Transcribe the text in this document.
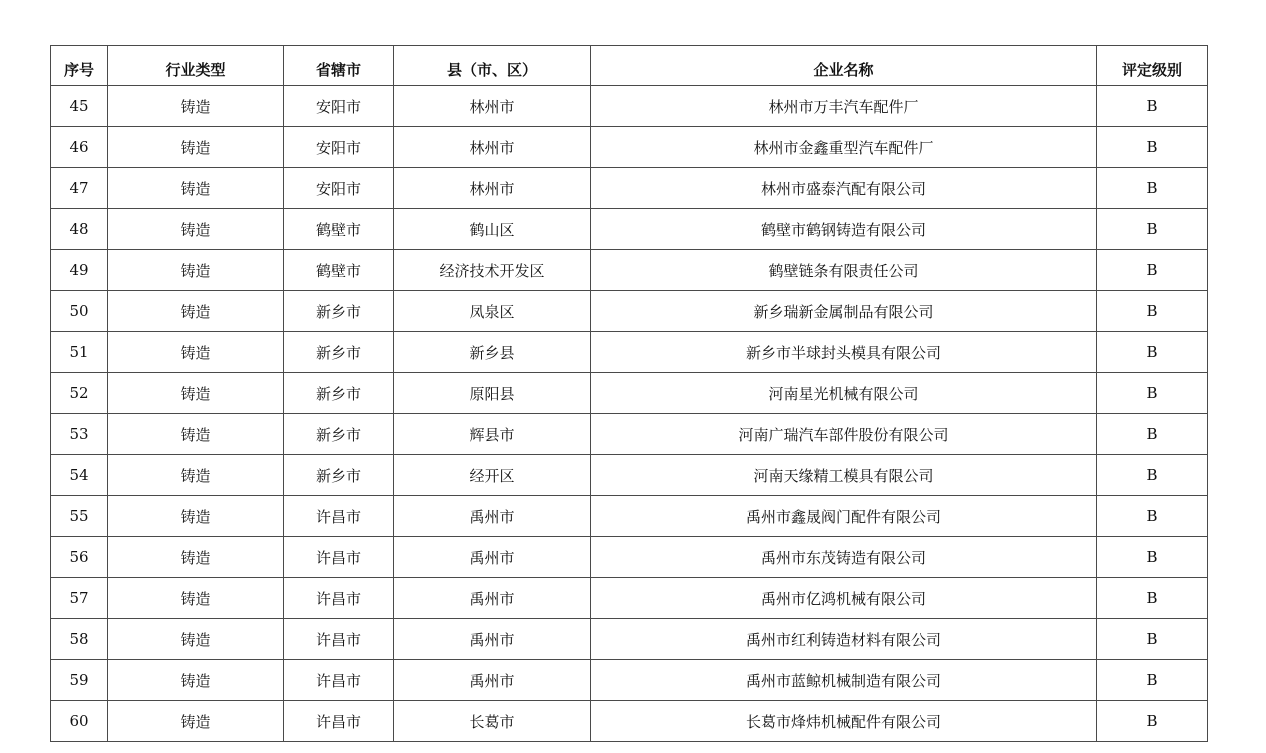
序号	行业类型	省辖市	县（市、区）	企业名称	评定级别
45	铸造	安阳市	林州市	林州市万丰汽车配件厂	B
46	铸造	安阳市	林州市	林州市金鑫重型汽车配件厂	B
47	铸造	安阳市	林州市	林州市盛泰汽配有限公司	B
48	铸造	鹤壁市	鹤山区	鹤壁市鹤钢铸造有限公司	B
49	铸造	鹤壁市	经济技术开发区	鹤壁链条有限责任公司	B
50	铸造	新乡市	凤泉区	新乡瑞新金属制品有限公司	B
51	铸造	新乡市	新乡县	新乡市半球封头模具有限公司	B
52	铸造	新乡市	原阳县	河南星光机械有限公司	B
53	铸造	新乡市	辉县市	河南广瑞汽车部件股份有限公司	B
54	铸造	新乡市	经开区	河南天缘精工模具有限公司	B
55	铸造	许昌市	禹州市	禹州市鑫晟阀门配件有限公司	B
56	铸造	许昌市	禹州市	禹州市东茂铸造有限公司	B
57	铸造	许昌市	禹州市	禹州市亿鸿机械有限公司	B
58	铸造	许昌市	禹州市	禹州市红利铸造材料有限公司	B
59	铸造	许昌市	禹州市	禹州市蓝鲸机械制造有限公司	B
60	铸造	许昌市	长葛市	长葛市烽炜机械配件有限公司	B
